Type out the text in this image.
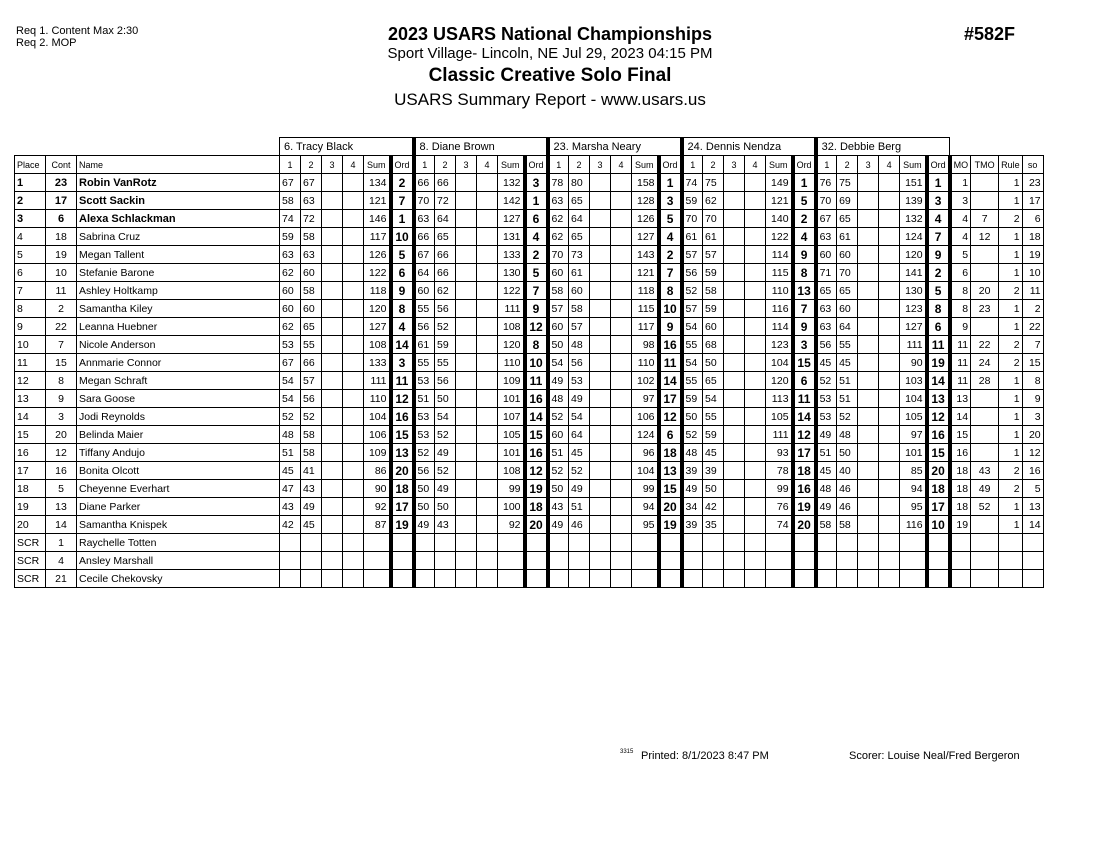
Req 1. Content Max 2:30
Req 2. MOP	2023 USARS National Championships
Sport Village- Lincoln, NE Jul 29, 2023 04:15 PM
Classic Creative Solo Final
USARS Summary Report - www.usars.us
#582F
			6. Tracy Black						8. Diane Brown						23. Marsha Neary						24. Dennis Nendza						32. Debbie Berg									
Place	Cont	Name	1	2	3	4	Sum	Ord	1	2	3	4	Sum	Ord	1	2	3	4	Sum	Ord	1	2	3	4	Sum	Ord	1	2	3	4	Sum	Ord	MO	TMO	Rule	so
1	23	Robin VanRotz	67	67			134	2	66	66			132	3	78	80			158	1	74	75			149	1	76	75			151	1	1		1	23
2	17	Scott Sackin	58	63			121	7	70	72			142	1	63	65			128	3	59	62			121	5	70	69			139	3	3		1	17
3	6	Alexa Schlackman	74	72			146	1	63	64			127	6	62	64			126	5	70	70			140	2	67	65			132	4	4	7	2	6
4	18	Sabrina Cruz	59	58			117	10	66	65			131	4	62	65			127	4	61	61			122	4	63	61			124	7	4	12	1	18
5	19	Megan Tallent	63	63			126	5	67	66			133	2	70	73			143	2	57	57			114	9	60	60			120	9	5		1	19
6	10	Stefanie Barone	62	60			122	6	64	66			130	5	60	61			121	7	56	59			115	8	71	70			141	2	6		1	10
7	11	Ashley Holtkamp	60	58			118	9	60	62			122	7	58	60			118	8	52	58			110	13	65	65			130	5	8	20	2	11
8	2	Samantha Kiley	60	60			120	8	55	56			111	9	57	58			115	10	57	59			116	7	63	60			123	8	8	23	1	2
9	22	Leanna Huebner	62	65			127	4	56	52			108	12	60	57			117	9	54	60			114	9	63	64			127	6	9		1	22
10	7	Nicole Anderson	53	55			108	14	61	59			120	8	50	48			98	16	55	68			123	3	56	55			111	11	11	22	2	7
11	15	Annmarie Connor	67	66			133	3	55	55			110	10	54	56			110	11	54	50			104	15	45	45			90	19	11	24	2	15
12	8	Megan Schraft	54	57			111	11	53	56			109	11	49	53			102	14	55	65			120	6	52	51			103	14	11	28	1	8
13	9	Sara Goose	54	56			110	12	51	50			101	16	48	49			97	17	59	54			113	11	53	51			104	13	13		1	9
14	3	Jodi Reynolds	52	52			104	16	53	54			107	14	52	54			106	12	50	55			105	14	53	52			105	12	14		1	3
15	20	Belinda Maier	48	58			106	15	53	52			105	15	60	64			124	6	52	59			111	12	49	48			97	16	15		1	20
16	12	Tiffany Andujo	51	58			109	13	52	49			101	16	51	45			96	18	48	45			93	17	51	50			101	15	16		1	12
17	16	Bonita Olcott	45	41			86	20	56	52			108	12	52	52			104	13	39	39			78	18	45	40			85	20	18	43	2	16
18	5	Cheyenne Everhart	47	43			90	18	50	49			99	19	50	49			99	15	49	50			99	16	48	46			94	18	18	49	2	5
19	13	Diane Parker	43	49			92	17	50	50			100	18	43	51			94	20	34	42			76	19	49	46			95	17	18	52	1	13
20	14	Samantha Knispek	42	45			87	19	49	43			92	20	49	46			95	19	39	35			74	20	58	58			116	10	19		1	14
SCR	1	Raychelle Totten																																		
SCR	4	Ansley Marshall																																		
SCR	21	Cecile Chekovsky																																		
3315 Printed: 8/1/2023 8:47 PM	Scorer: Louise Neal/Fred Bergeron
